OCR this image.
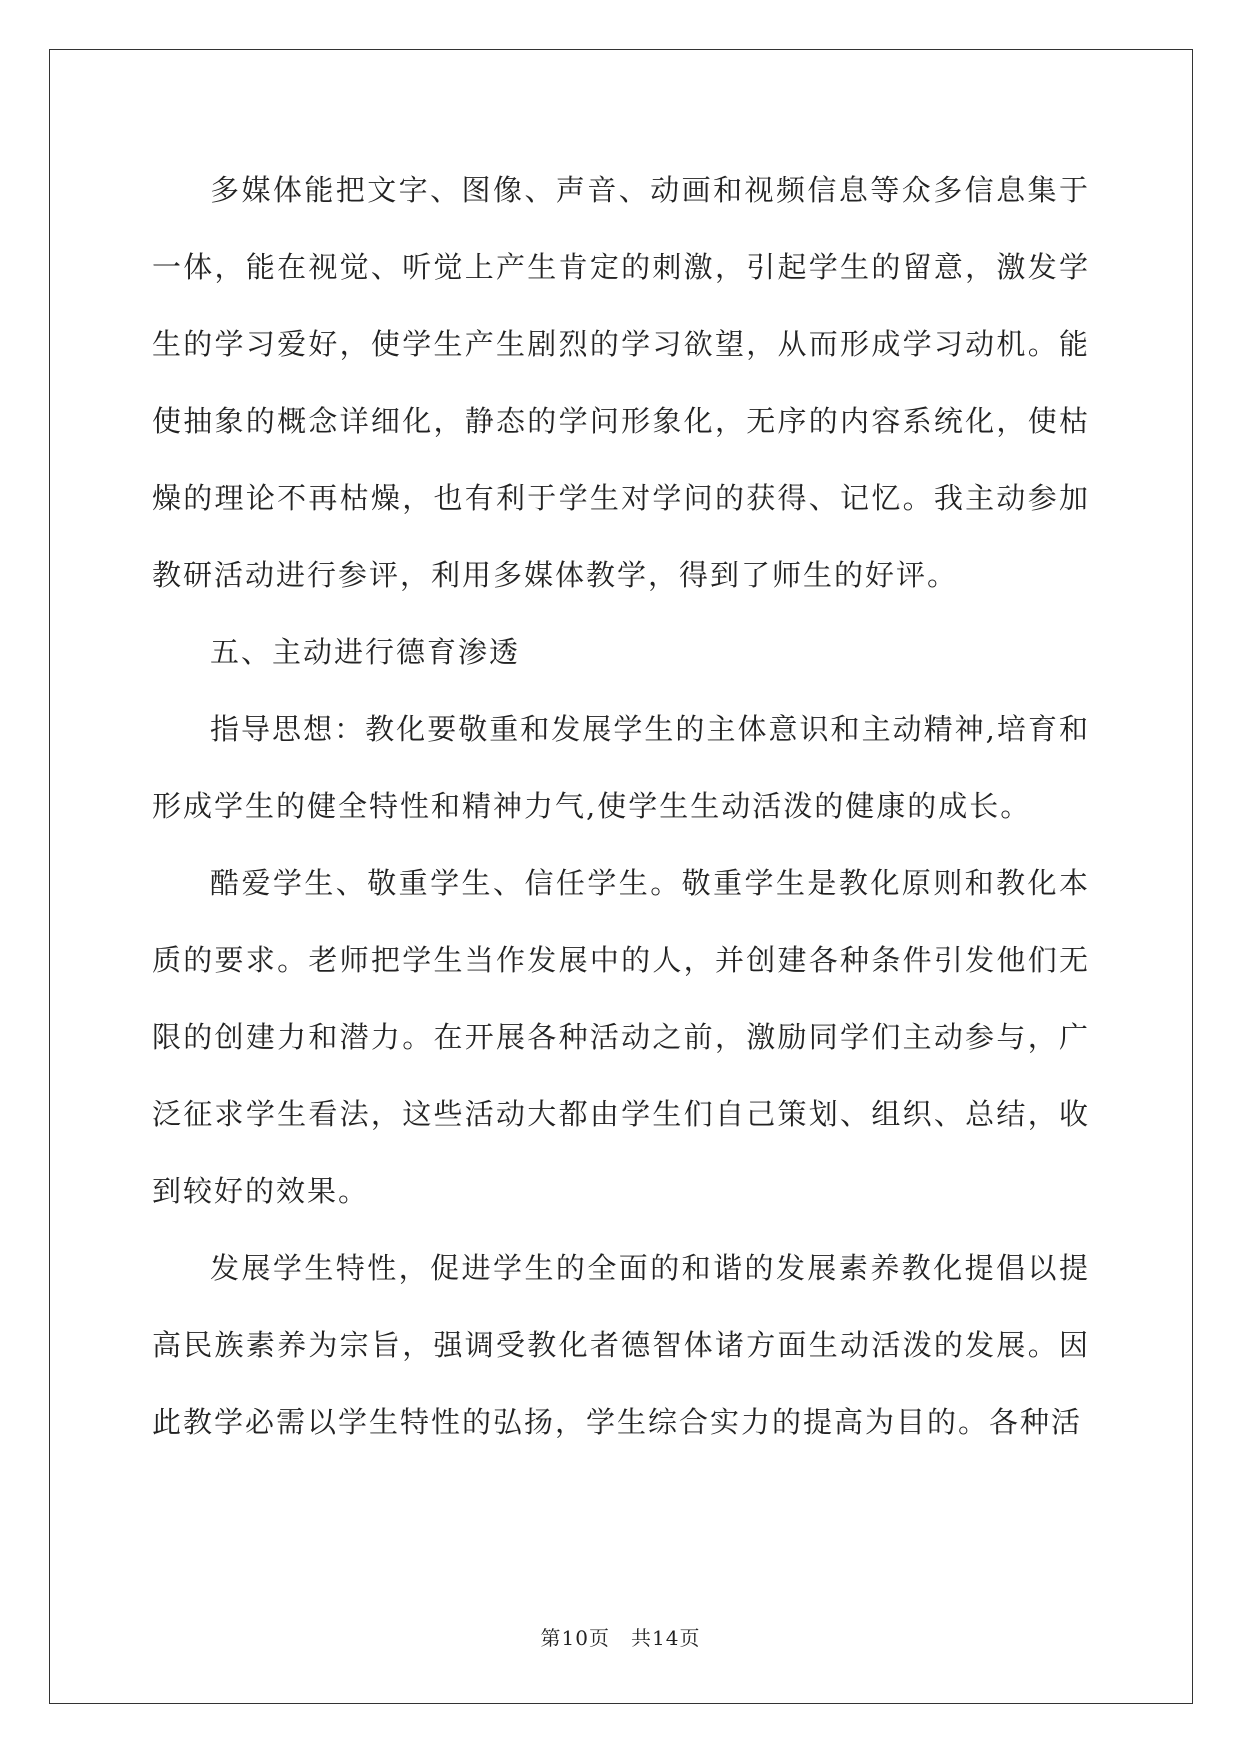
多媒体能把文字、图像、声音、动画和视频信息等众多信息集于一体，能在视觉、听觉上产生肯定的刺激，引起学生的留意，激发学生的学习爱好，使学生产生剧烈的学习欲望，从而形成学习动机。能使抽象的概念详细化，静态的学问形象化，无序的内容系统化，使枯燥的理论不再枯燥，也有利于学生对学问的获得、记忆。我主动参加教研活动进行参评，利用多媒体教学，得到了师生的好评。

五、主动进行德育渗透

指导思想：教化要敬重和发展学生的主体意识和主动精神,培育和形成学生的健全特性和精神力气,使学生生动活泼的健康的成长。

酷爱学生、敬重学生、信任学生。敬重学生是教化原则和教化本质的要求。老师把学生当作发展中的人，并创建各种条件引发他们无限的创建力和潜力。在开展各种活动之前，激励同学们主动参与，广泛征求学生看法，这些活动大都由学生们自己策划、组织、总结，收到较好的效果。

发展学生特性，促进学生的全面的和谐的发展素养教化提倡以提高民族素养为宗旨，强调受教化者德智体诸方面生动活泼的发展。因此教学必需以学生特性的弘扬，学生综合实力的提高为目的。各种活

第10页　共14页
